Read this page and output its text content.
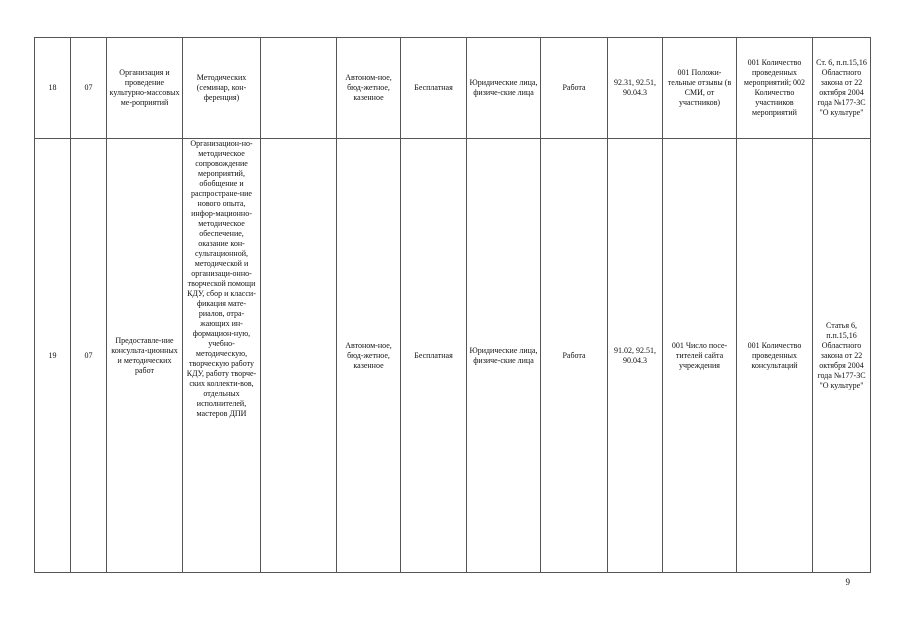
18	07	Организация и проведение культурно-массовых ме-роприятий	Методических (семинар, кон-ференция)		Автоном-ное, бюд-жетное, казенное	Бесплатная	Юридические лица, физиче-ские лица	Работа	92.31, 92.51, 90.04.3	001 Положи-тельные отзывы (в СМИ, от участников)	001 Количество проведенных мероприятий; 002 Количество участников мероприятий	Ст. 6, п.п.15,16 Областного закона от 22 октября 2004 года №177-ЗС "О культуре"
19	07	Предоставле-ние консульта-ционных и методических работ	Организацион-но-методическое сопровождение мероприятий, обобщение и распростране-ние нового опыта, инфор-мационно-методическое обеспечение, оказание кон-сультационной, методической и организаци-онно-творческой помощи КДУ, сбор и класси-фикация мате-риалов, отра-жающих ин-формацион-ную, учебно-методическую, творческую работу КДУ, работу творче-ских коллекти-вов, отдельных исполнителей, мастеров ДПИ		Автоном-ное, бюд-жетное, казенное	Бесплатная	Юридические лица, физиче-ские лица	Работа	91.02, 92.51, 90.04.3	001 Число посе-тителей сайта учреждения	001 Количество проведенных консультаций	Статья 6, п.п.15,16 Областного закона от 22 октября 2004 года №177-ЗС "О культуре"
9
